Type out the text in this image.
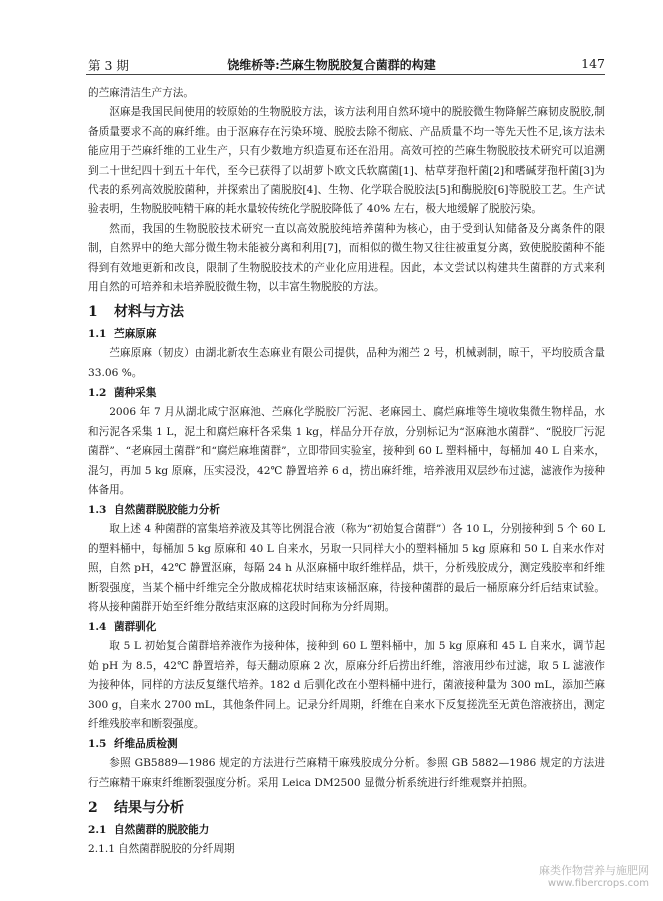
第 3 期	饶维桥等:苎麻生物脱胶复合菌群的构建	147

的苎麻清洁生产方法。

沤麻是我国民间使用的较原始的生物脱胶方法，该方法利用自然环境中的脱胶微生物降解苎麻韧皮脱胶,制备质量要求不高的麻纤维。由于沤麻存在污染环境、脱胶去除不彻底、产品质量不均一等先天性不足,该方法未能应用于苎麻纤维的工业生产，只有少数地方织造夏布还在沿用。高效可控的苎麻生物脱胶技术研究可以追溯到二十世纪四十到五十年代，至今已获得了以胡萝卜欧文氏软腐菌[1]、枯草芽孢杆菌[2]和嗜碱芽孢杆菌[3]为代表的系列高效脱胶菌种，并探索出了菌脱胶[4]、生物、化学联合脱胶法[5]和酶脱胶[6]等脱胶工艺。生产试验表明，生物脱胶吨精干麻的耗水量较传统化学脱胶降低了 40% 左右，极大地缓解了脱胶污染。

然而，我国的生物脱胶技术研究一直以高效脱胶纯培养菌种为核心，由于受到认知储备及分离条件的限制，自然界中的绝大部分微生物未能被分离和利用[7]，而相似的微生物又往往被重复分离，致使脱胶菌种不能得到有效地更新和改良，限制了生物脱胶技术的产业化应用进程。因此，本文尝试以构建共生菌群的方式来利用自然的可培养和未培养脱胶微生物，以丰富生物脱胶的方法。

1 材料与方法
1.1 苎麻原麻

苎麻原麻（韧皮）由湖北新农生态麻业有限公司提供，品种为湘苎 2 号，机械剥制，晾干，平均胶质含量 33.06 %。

1.2 菌种采集

2006 年 7 月从湖北咸宁沤麻池、苎麻化学脱胶厂污泥、老麻园土、腐烂麻堆等生境收集微生物样品，水和污泥各采集 1 L，泥土和腐烂麻杆各采集 1 kg，样品分开存放，分别标记为“沤麻池水菌群”、“脱胶厂污泥菌群”、“老麻园土菌群”和“腐烂麻堆菌群”，立即带回实验室，接种到 60 L 塑料桶中，每桶加 40 L 自来水，混匀，再加 5 kg 原麻，压实浸没，42℃ 静置培养 6 d，捞出麻纤维，培养液用双层纱布过滤，滤液作为接种体备用。

1.3 自然菌群脱胶能力分析

取上述 4 种菌群的富集培养液及其等比例混合液（称为“初始复合菌群”）各 10 L，分别接种到 5 个 60 L 的塑料桶中，每桶加 5 kg 原麻和 40 L 自来水，另取一只同样大小的塑料桶加 5 kg 原麻和 50 L 自来水作对照，自然 pH，42℃ 静置沤麻，每隔 24 h 从沤麻桶中取纤维样品，烘干，分析残胶成分，测定残胶率和纤维断裂强度，当某个桶中纤维完全分散成棉花状时结束该桶沤麻，待接种菌群的最后一桶原麻分纤后结束试验。将从接种菌群开始至纤维分散结束沤麻的这段时间称为分纤周期。

1.4 菌群驯化

取 5 L 初始复合菌群培养液作为接种体，接种到 60 L 塑料桶中，加 5 kg 原麻和 45 L 自来水，调节起始 pH 为 8.5，42℃ 静置培养，每天翻动原麻 2 次，原麻分纤后捞出纤维，溶液用纱布过滤，取 5 L 滤液作为接种体，同样的方法反复继代培养。182 d 后驯化改在小塑料桶中进行，菌液接种量为 300 mL，添加苎麻 300 g，自来水 2700 mL，其他条件同上。记录分纤周期，纤维在自来水下反复搓洗至无黄色溶液挤出，测定纤维残胶率和断裂强度。

1.5 纤维品质检测

参照 GB5889—1986 规定的方法进行苎麻精干麻残胶成分分析。参照 GB 5882—1986 规定的方法进行苎麻精干麻束纤维断裂强度分析。采用 Leica DM2500 显微分析系统进行纤维观察并拍照。

2 结果与分析
2.1 自然菌群的脱胶能力
2.1.1 自然菌群脱胶的分纤周期
麻类作物营养与施肥网
www.fibercrops.com
